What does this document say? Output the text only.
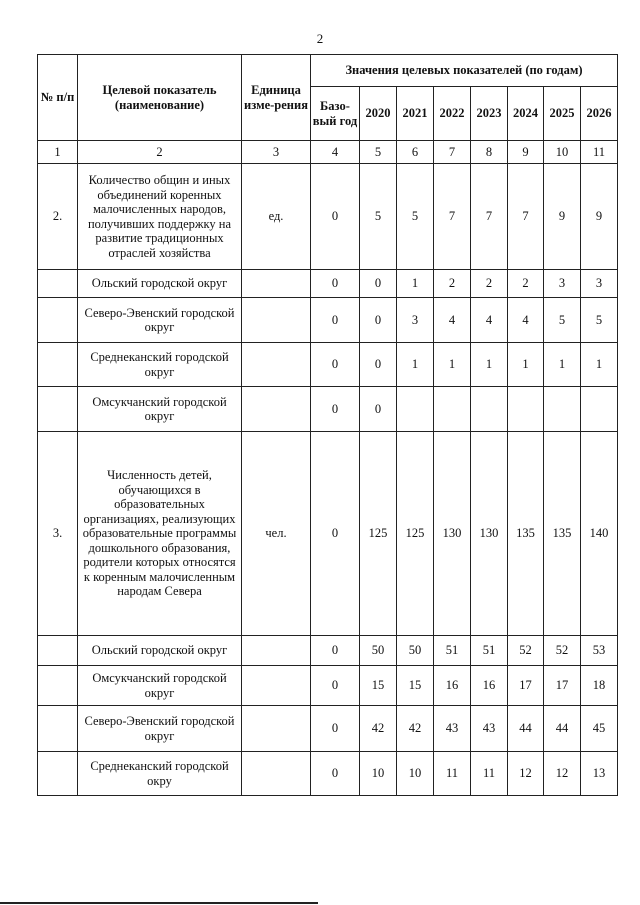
2
№ п/п	Целевой показатель (наименование)	Единица изме-рения	Значения целевых показателей (по годам)							
			Базо-вый год	2020	2021	2022	2023	2024	2025	2026
1	2	3	4	5	6	7	8	9	10	11
2.	Количество общин и иных объединений коренных малочисленных народов, получивших поддержку на развитие традиционных отраслей хозяйства	ед.	0	5	5	7	7	7	9	9
	Ольский городской округ		0	0	1	2	2	2	3	3
	Северо-Эвенский городской округ		0	0	3	4	4	4	5	5
	Среднеканский городской округ		0	0	1	1	1	1	1	1
	Омсукчанский городской округ		0	0						
3.	Численность детей, обучающихся в образовательных организациях, реализующих образовательные программы дошкольного образования, родители которых относятся к коренным малочисленным народам Севера	чел.	0	125	125	130	130	135	135	140
	Ольский городской округ		0	50	50	51	51	52	52	53
	Омсукчанский городской округ		0	15	15	16	16	17	17	18
	Северо-Эвенский городской округ		0	42	42	43	43	44	44	45
	Среднеканский городской окру		0	10	10	11	11	12	12	13
